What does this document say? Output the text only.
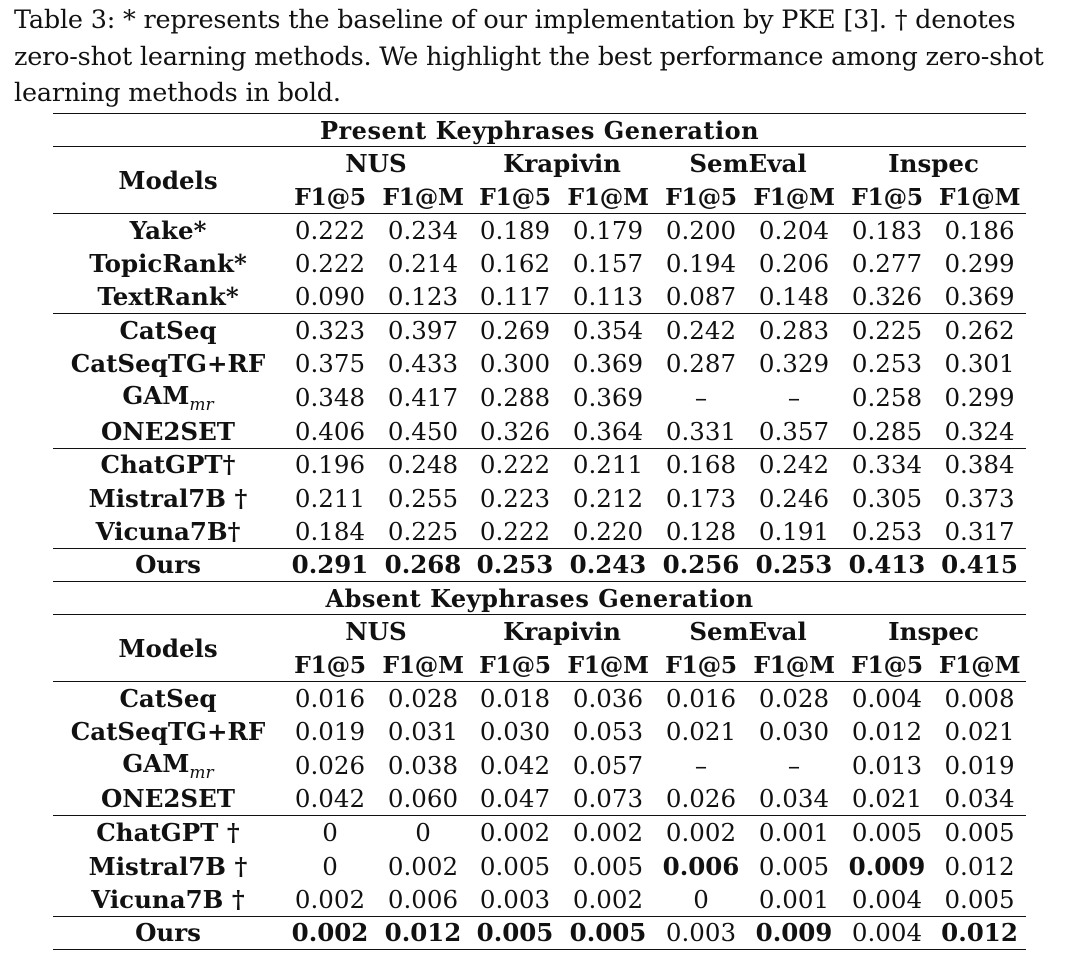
Table 3: * represents the baseline of our implementation by PKE [3]. † denotes zero-shot learning methods. We highlight the best performance among zero-shot learning methods in bold.
Present Keyphrases Generation								
Models	NUS		Krapivin		SemEval		Inspec	
	F1@5	F1@M	F1@5	F1@M	F1@5	F1@M	F1@5	F1@M
Yake*	0.222	0.234	0.189	0.179	0.200	0.204	0.183	0.186
TopicRank*	0.222	0.214	0.162	0.157	0.194	0.206	0.277	0.299
TextRank*	0.090	0.123	0.117	0.113	0.087	0.148	0.326	0.369
CatSeq	0.323	0.397	0.269	0.354	0.242	0.283	0.225	0.262
CatSeqTG+RF	0.375	0.433	0.300	0.369	0.287	0.329	0.253	0.301
$GAM_{mr}$	0.348	0.417	0.288	0.369	–	–	0.258	0.299
ONE2SET	0.406	0.450	0.326	0.364	0.331	0.357	0.285	0.324
ChatGPT†	0.196	0.248	0.222	0.211	0.168	0.242	0.334	0.384
Mistral7B †	0.211	0.255	0.223	0.212	0.173	0.246	0.305	0.373
Vicuna7B†	0.184	0.225	0.222	0.220	0.128	0.191	0.253	0.317
Ours	0.291	0.268	0.253	0.243	0.256	0.253	0.413	0.415
Absent Keyphrases Generation								
Models	NUS		Krapivin		SemEval		Inspec	
	F1@5	F1@M	F1@5	F1@M	F1@5	F1@M	F1@5	F1@M
CatSeq	0.016	0.028	0.018	0.036	0.016	0.028	0.004	0.008
CatSeqTG+RF	0.019	0.031	0.030	0.053	0.021	0.030	0.012	0.021
$GAM_{mr}$	0.026	0.038	0.042	0.057	–	–	0.013	0.019
ONE2SET	0.042	0.060	0.047	0.073	0.026	0.034	0.021	0.034
ChatGPT †	0	0	0.002	0.002	0.002	0.001	0.005	0.005
Mistral7B †	0	0.002	0.005	0.005	0.006	0.005	0.009	0.012
Vicuna7B †	0.002	0.006	0.003	0.002	0	0.001	0.004	0.005
Ours	0.002	0.012	0.005	0.005	0.003	0.009	0.004	0.012
